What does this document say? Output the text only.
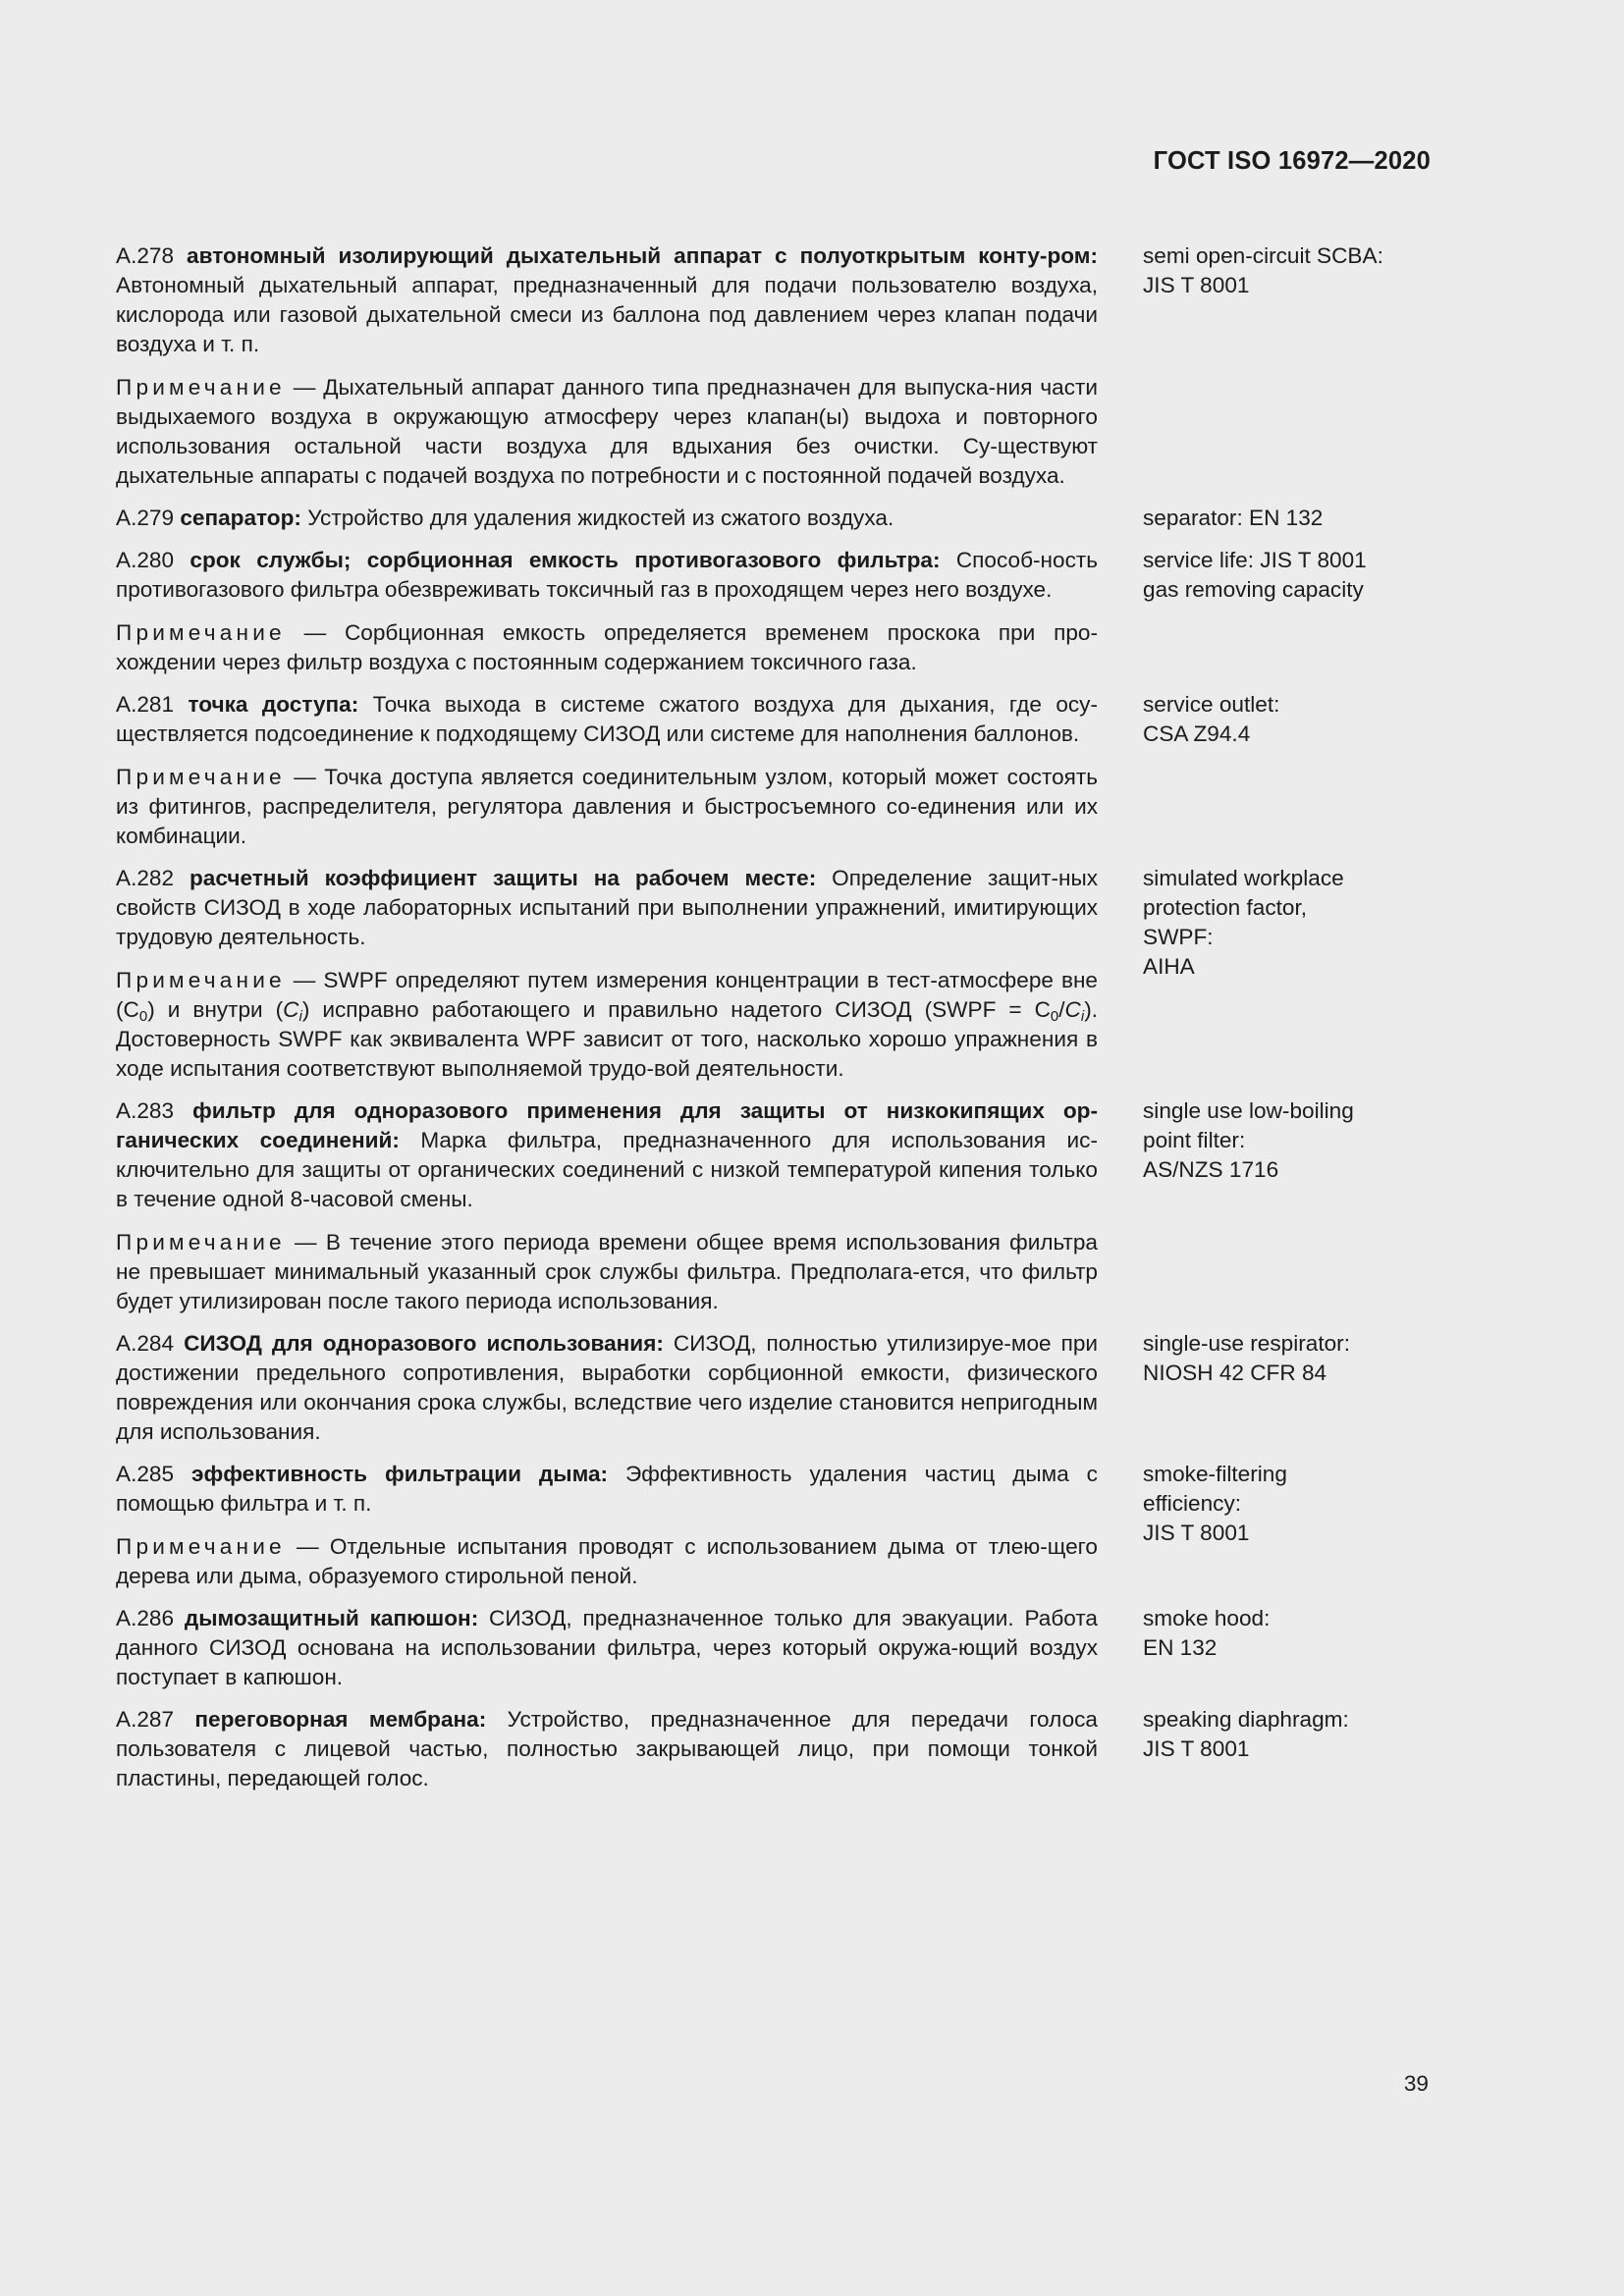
ГОСТ ISO 16972—2020

А.278 автономный изолирующий дыхательный аппарат с полуоткрытым конту-ром: Автономный дыхательный аппарат, предназначенный для подачи пользователю воздуха, кислорода или газовой дыхательной смеси из баллона под давлением через клапан подачи воздуха и т. п.

Примечание — Дыхательный аппарат данного типа предназначен для выпуска-ния части выдыхаемого воздуха в окружающую атмосферу через клапан(ы) выдоха и повторного использования остальной части воздуха для вдыхания без очистки. Су-ществуют дыхательные аппараты с подачей воздуха по потребности и с постоянной подачей воздуха.

semi open-circuit SCBA:
JIS T 8001

А.279 сепаратор: Устройство для удаления жидкостей из сжатого воздуха.	separator: EN 132

А.280 срок службы; сорбционная емкость противогазового фильтра: Способ-ность противогазового фильтра обезвреживать токсичный газ в проходящем через него воздухе.

Примечание — Сорбционная емкость определяется временем проскока при про-хождении через фильтр воздуха с постоянным содержанием токсичного газа.

service life: JIS T 8001
gas removing capacity

А.281 точка доступа: Точка выхода в системе сжатого воздуха для дыхания, где осу-ществляется подсоединение к подходящему СИЗОД или системе для наполнения баллонов.

Примечание — Точка доступа является соединительным узлом, который может состоять из фитингов, распределителя, регулятора давления и быстросъемного со-единения или их комбинации.

service outlet:
CSA Z94.4

А.282 расчетный коэффициент защиты на рабочем месте: Определение защит-ных свойств СИЗОД в ходе лабораторных испытаний при выполнении упражнений, имитирующих трудовую деятельность.

Примечание — SWPF определяют путем измерения концентрации в тест-атмосфере вне $(C_0)$ и внутри $(C_i)$ исправно работающего и правильно надетого СИЗОД (SWPF = $C_0/C_i$). Достоверность SWPF как эквивалента WPF зависит от того, насколько хорошо упражнения в ходе испытания соответствуют выполняемой трудо-вой деятельности.

simulated workplace
protection factor,
SWPF:
AIHA

А.283 фильтр для одноразового применения для защиты от низкокипящих ор-ганических соединений: Марка фильтра, предназначенного для использования ис-ключительно для защиты от органических соединений с низкой температурой кипения только в течение одной 8-часовой смены.

Примечание — В течение этого периода времени общее время использования фильтра не превышает минимальный указанный срок службы фильтра. Предполага-ется, что фильтр будет утилизирован после такого периода использования.

single use low-boiling
point filter:
AS/NZS 1716

А.284 СИЗОД для одноразового использования: СИЗОД, полностью утилизируе-мое при достижении предельного сопротивления, выработки сорбционной емкости, физического повреждения или окончания срока службы, вследствие чего изделие становится непригодным для использования.

single-use respirator:
NIOSH 42 CFR 84

А.285 эффективность фильтрации дыма: Эффективность удаления частиц дыма с помощью фильтра и т. п.

Примечание — Отдельные испытания проводят с использованием дыма от тлею-щего дерева или дыма, образуемого стирольной пеной.

smoke-filtering
efficiency:
JIS T 8001

А.286 дымозащитный капюшон: СИЗОД, предназначенное только для эвакуации. Работа данного СИЗОД основана на использовании фильтра, через который окружа-ющий воздух поступает в капюшон.

smoke hood:
EN 132

А.287 переговорная мембрана: Устройство, предназначенное для передачи голоса пользователя с лицевой частью, полностью закрывающей лицо, при помощи тонкой пластины, передающей голос.

speaking diaphragm:
JIS T 8001
39
